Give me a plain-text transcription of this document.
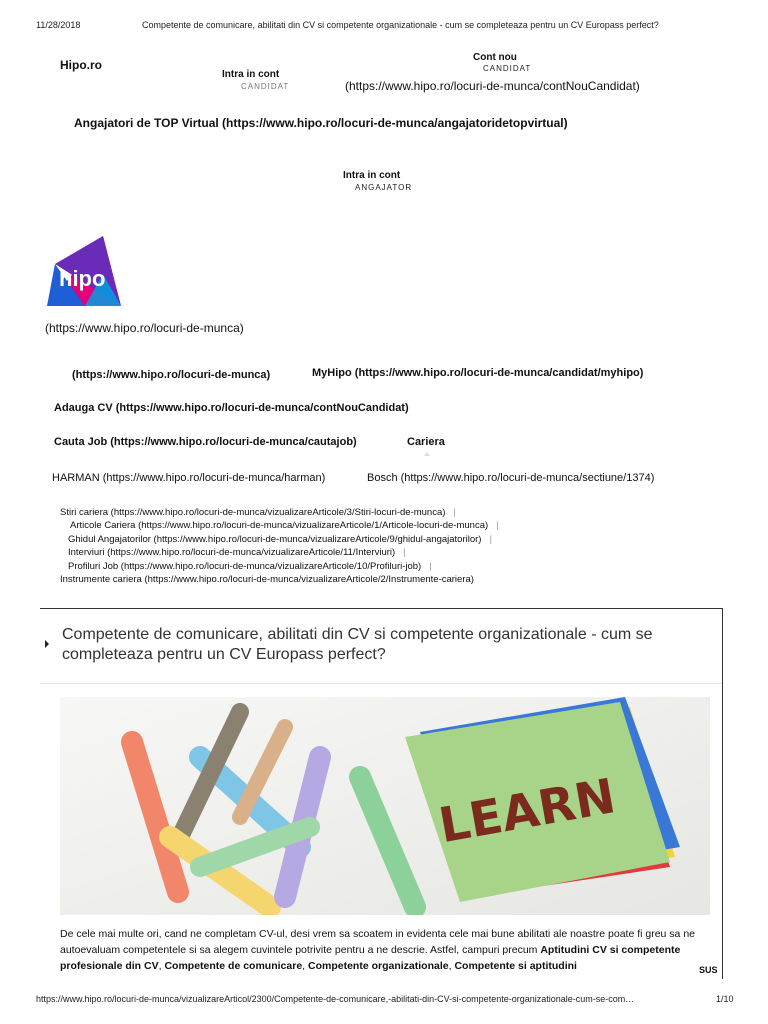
11/28/2018	Competente de comunicare, abilitati din CV si competente organizationale - cum se completeaza pentru un CV Europass perfect?
Hipo.ro
Intra in cont
CANDIDAT
Cont nou
CANDIDAT
(https://www.hipo.ro/locuri-de-munca/contNouCandidat)
Angajatori de TOP Virtual (https://www.hipo.ro/locuri-de-munca/angajatoridetopvirtual)
Intra in cont
ANGAJATOR
hipo
(https://www.hipo.ro/locuri-de-munca)
(https://www.hipo.ro/locuri-de-munca)	MyHipo (https://www.hipo.ro/locuri-de-munca/candidat/myhipo)
Adauga CV (https://www.hipo.ro/locuri-de-munca/contNouCandidat)
Cauta Job (https://www.hipo.ro/locuri-de-munca/cautajob)	Cariera
HARMAN (https://www.hipo.ro/locuri-de-munca/harman)	Bosch (https://www.hipo.ro/locuri-de-munca/sectiune/1374)
Stiri cariera (https://www.hipo.ro/locuri-de-munca/vizualizareArticole/3/Stiri-locuri-de-munca) |
Articole Cariera (https://www.hipo.ro/locuri-de-munca/vizualizareArticole/1/Articole-locuri-de-munca) |
Ghidul Angajatorilor (https://www.hipo.ro/locuri-de-munca/vizualizareArticole/9/ghidul-angajatorilor) |
Interviuri (https://www.hipo.ro/locuri-de-munca/vizualizareArticole/11/Interviuri) |
Profiluri Job (https://www.hipo.ro/locuri-de-munca/vizualizareArticole/10/Profiluri-job) |
Instrumente cariera (https://www.hipo.ro/locuri-de-munca/vizualizareArticole/2/Instrumente-cariera)
Competente de comunicare, abilitati din CV si competente organizationale - cum se completeaza pentru un CV Europass perfect?
LEARN

De cele mai multe ori, cand ne completam CV-ul, desi vrem sa scoatem in evidenta cele mai bune abilitati ale noastre poate fi greu sa ne autoevaluam competentele si sa alegem cuvintele potrivite pentru a ne descrie. Astfel, campuri precum Aptitudini CV si competente profesionale din CV, Competente de comunicare, Competente organizationale, Competente si aptitudini	SUS
https://www.hipo.ro/locuri-de-munca/vizualizareArticol/2300/Competente-de-comunicare,-abilitati-din-CV-si-competente-organizationale-cum-se-com…	1/10
